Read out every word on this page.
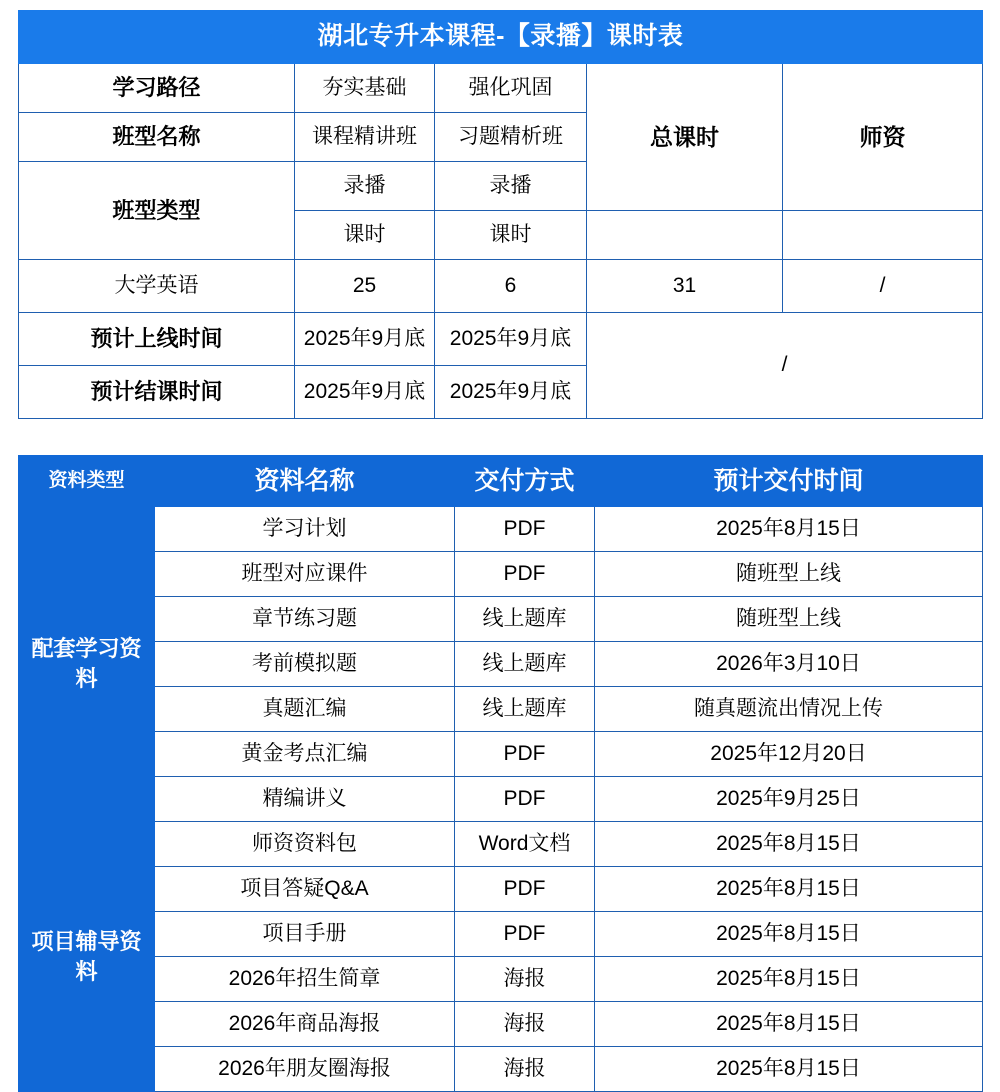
湖北专升本课程-【录播】课时表				
学习路径	夯实基础	强化巩固	总课时	师资
班型名称	课程精讲班	习题精析班		
班型类型	录播	录播		
	课时	课时		
大学英语	25	6	31	/
预计上线时间	2025年9月底	2025年9月底	/	
预计结课时间	2025年9月底	2025年9月底		
资料类型	资料名称	交付方式	预计交付时间
配套学习资料	学习计划	PDF	2025年8月15日
	班型对应课件	PDF	随班型上线
	章节练习题	线上题库	随班型上线
	考前模拟题	线上题库	2026年3月10日
	真题汇编	线上题库	随真题流出情况上传
	黄金考点汇编	PDF	2025年12月20日
	精编讲义	PDF	2025年9月25日
项目辅导资料	师资资料包	Word文档	2025年8月15日
	项目答疑Q&A	PDF	2025年8月15日
	项目手册	PDF	2025年8月15日
	2026年招生简章	海报	2025年8月15日
	2026年商品海报	海报	2025年8月15日
	2026年朋友圈海报	海报	2025年8月15日
